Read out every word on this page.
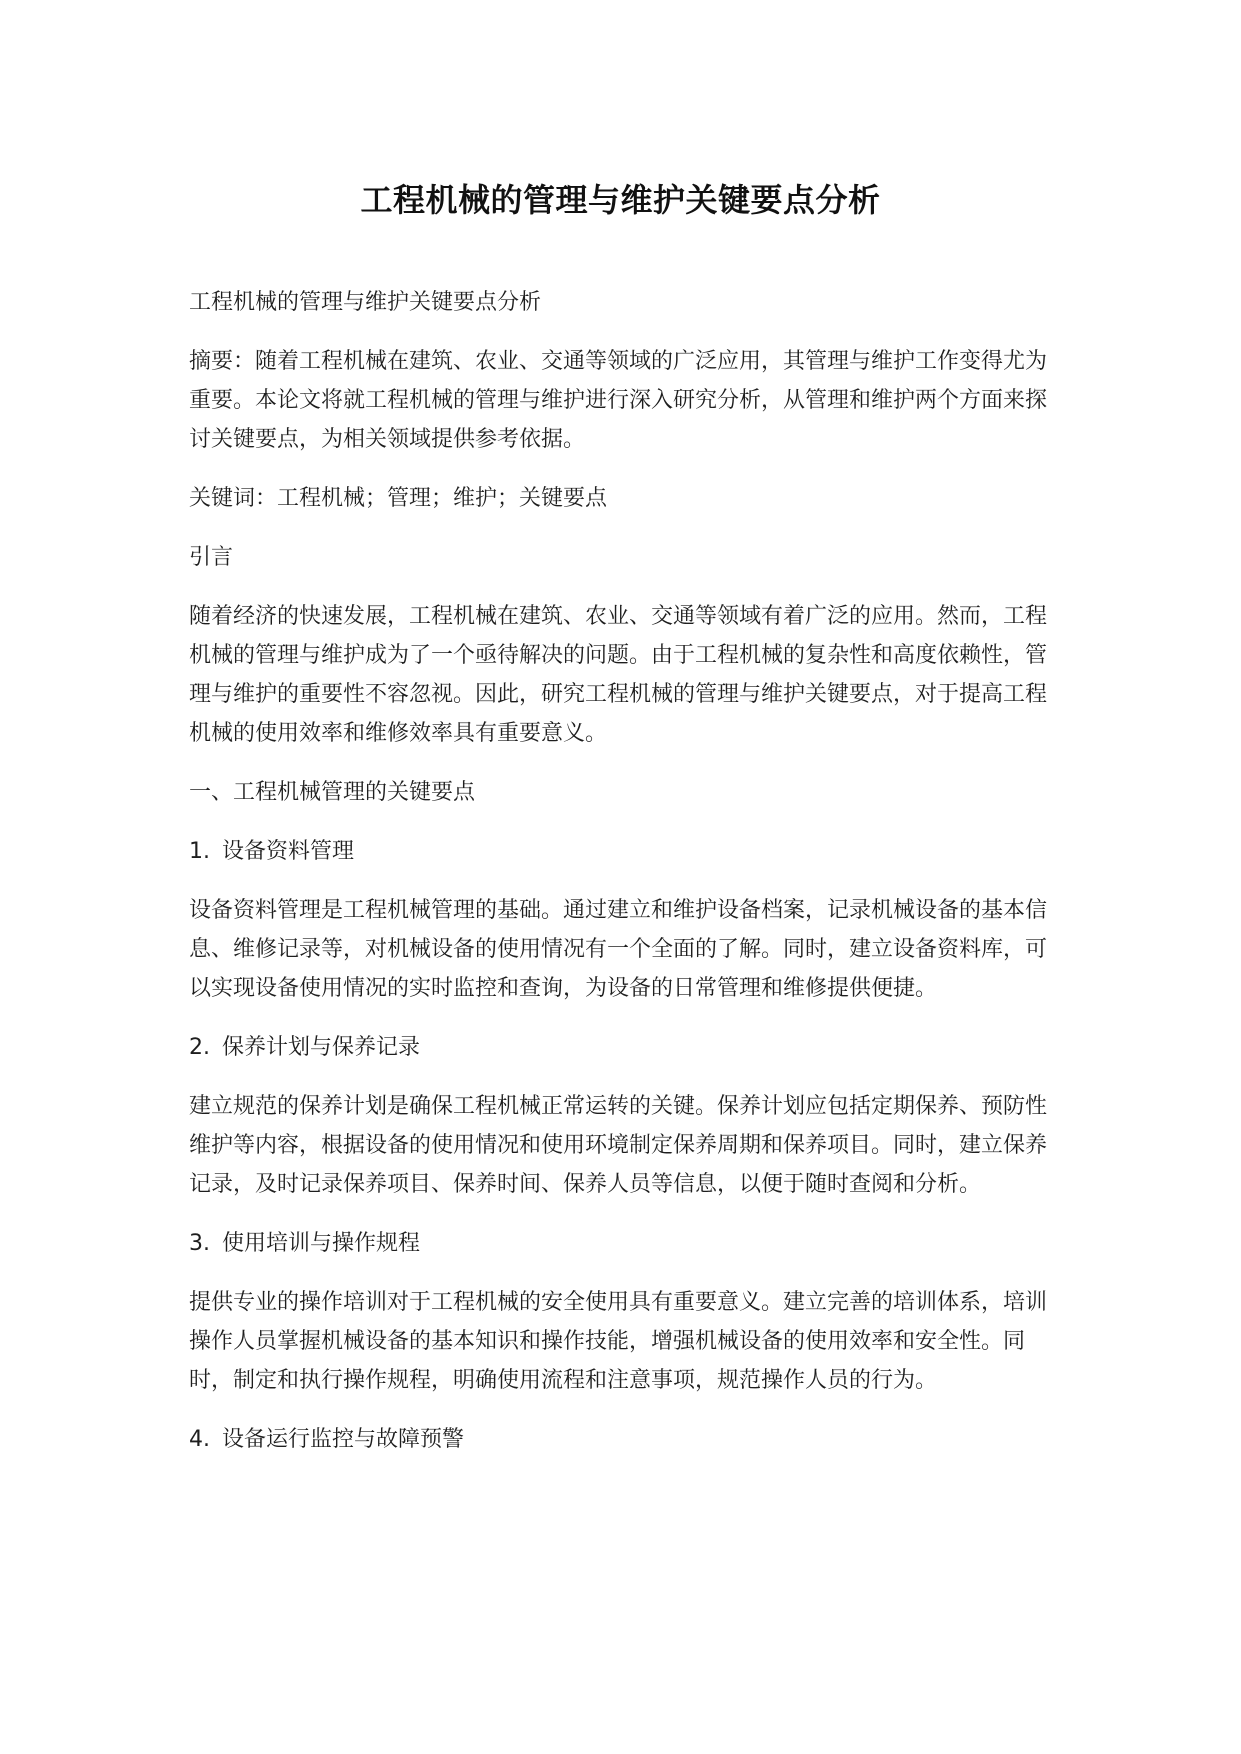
工程机械的管理与维护关键要点分析

工程机械的管理与维护关键要点分析

摘要：随着工程机械在建筑、农业、交通等领域的广泛应用，其管理与维护工作变得尤为重要。本论文将就工程机械的管理与维护进行深入研究分析，从管理和维护两个方面来探讨关键要点，为相关领域提供参考依据。

关键词：工程机械；管理；维护；关键要点

引言

随着经济的快速发展，工程机械在建筑、农业、交通等领域有着广泛的应用。然而，工程机械的管理与维护成为了一个亟待解决的问题。由于工程机械的复杂性和高度依赖性，管理与维护的重要性不容忽视。因此，研究工程机械的管理与维护关键要点，对于提高工程机械的使用效率和维修效率具有重要意义。

一、工程机械管理的关键要点

1. 设备资料管理

设备资料管理是工程机械管理的基础。通过建立和维护设备档案，记录机械设备的基本信息、维修记录等，对机械设备的使用情况有一个全面的了解。同时，建立设备资料库，可以实现设备使用情况的实时监控和查询，为设备的日常管理和维修提供便捷。

2. 保养计划与保养记录

建立规范的保养计划是确保工程机械正常运转的关键。保养计划应包括定期保养、预防性维护等内容，根据设备的使用情况和使用环境制定保养周期和保养项目。同时，建立保养记录，及时记录保养项目、保养时间、保养人员等信息，以便于随时查阅和分析。

3. 使用培训与操作规程

提供专业的操作培训对于工程机械的安全使用具有重要意义。建立完善的培训体系，培训操作人员掌握机械设备的基本知识和操作技能，增强机械设备的使用效率和安全性。同时，制定和执行操作规程，明确使用流程和注意事项，规范操作人员的行为。

4. 设备运行监控与故障预警
